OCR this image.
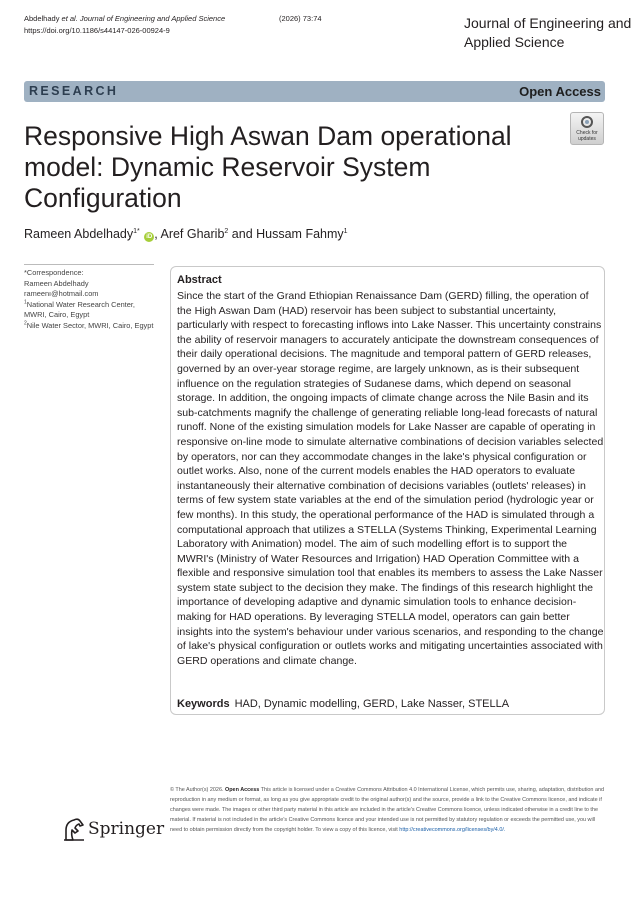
Abdelhady et al. Journal of Engineering and Applied Science	(2026) 73:74
https://doi.org/10.1186/s44147-026-00924-9	Journal of Engineering and Applied Science
RESEARCH	Open Access
Responsive High Aswan Dam operational model: Dynamic Reservoir System Configuration
Check for updates
Rameen Abdelhady$^{1*}$ iD , Aref Gharib$^2$ and Hussam Fahmy$^1$
*Correspondence:
Rameen Abdelhady
rameenı@hotmail.com
$^1$National Water Research Center, MWRI, Cairo, Egypt
$^2$Nile Water Sector, MWRI, Cairo, Egypt
Abstract
Since the start of the Grand Ethiopian Renaissance Dam (GERD) filling, the operation of the High Aswan Dam (HAD) reservoir has been subject to substantial uncertainty, particularly with respect to forecasting inflows into Lake Nasser. This uncertainty constrains the ability of reservoir managers to accurately anticipate the downstream consequences of their daily operational decisions. The magnitude and temporal pattern of GERD releases, governed by an over-year storage regime, are largely unknown, as is their subsequent influence on the regulation strategies of Sudanese dams, which depend on seasonal storage. In addition, the ongoing impacts of climate change across the Nile Basin and its sub-catchments magnify the challenge of generating reliable long-lead forecasts of natural runoff. None of the existing simulation models for Lake Nasser are capable of operating in responsive on-line mode to simulate alternative combinations of decision variables selected by operators, nor can they accommodate changes in the lake's physical configuration or outlet works. Also, none of the current models enables the HAD operators to evaluate instantaneously their alternative combination of decisions variables (outlets' releases) in terms of few system state variables at the end of the simulation period (hydrologic year or few months). In this study, the operational performance of the HAD is simulated through a computational approach that utilizes a STELLA (Systems Thinking, Experimental Learning Laboratory with Animation) model. The aim of such modelling effort is to support the MWRI's (Ministry of Water Resources and Irrigation) HAD Operation Committee with a flexible and responsive simulation tool that enables its members to assess the Lake Nasser system state subject to the decision they make. The findings of this research highlight the importance of developing adaptive and dynamic simulation tools to enhance decision-making for HAD operations. By leveraging STELLA model, operators can gain better insights into the system's behaviour under various scenarios, and responding to the change of lake's physical configuration or outlets works and mitigating uncertainties associated with GERD operations and climate change.
Keywords HAD, Dynamic modelling, GERD, Lake Nasser, STELLA
© The Author(s) 2026. Open Access This article is licensed under a Creative Commons Attribution 4.0 International License, which permits use, sharing, adaptation, distribution and reproduction in any medium or format, as long as you give appropriate credit to the original author(s) and the source, provide a link to the Creative Commons licence, and indicate if changes were made. The images or other third party material in this article are included in the article's Creative Commons licence, unless indicated otherwise in a credit line to the material. If material is not included in the article's Creative Commons licence and your intended use is not permitted by statutory regulation or exceeds the permitted use, you will need to obtain permission directly from the copyright holder. To view a copy of this licence, visit http://creativecommons.org/licenses/by/4.0/.
Springer
